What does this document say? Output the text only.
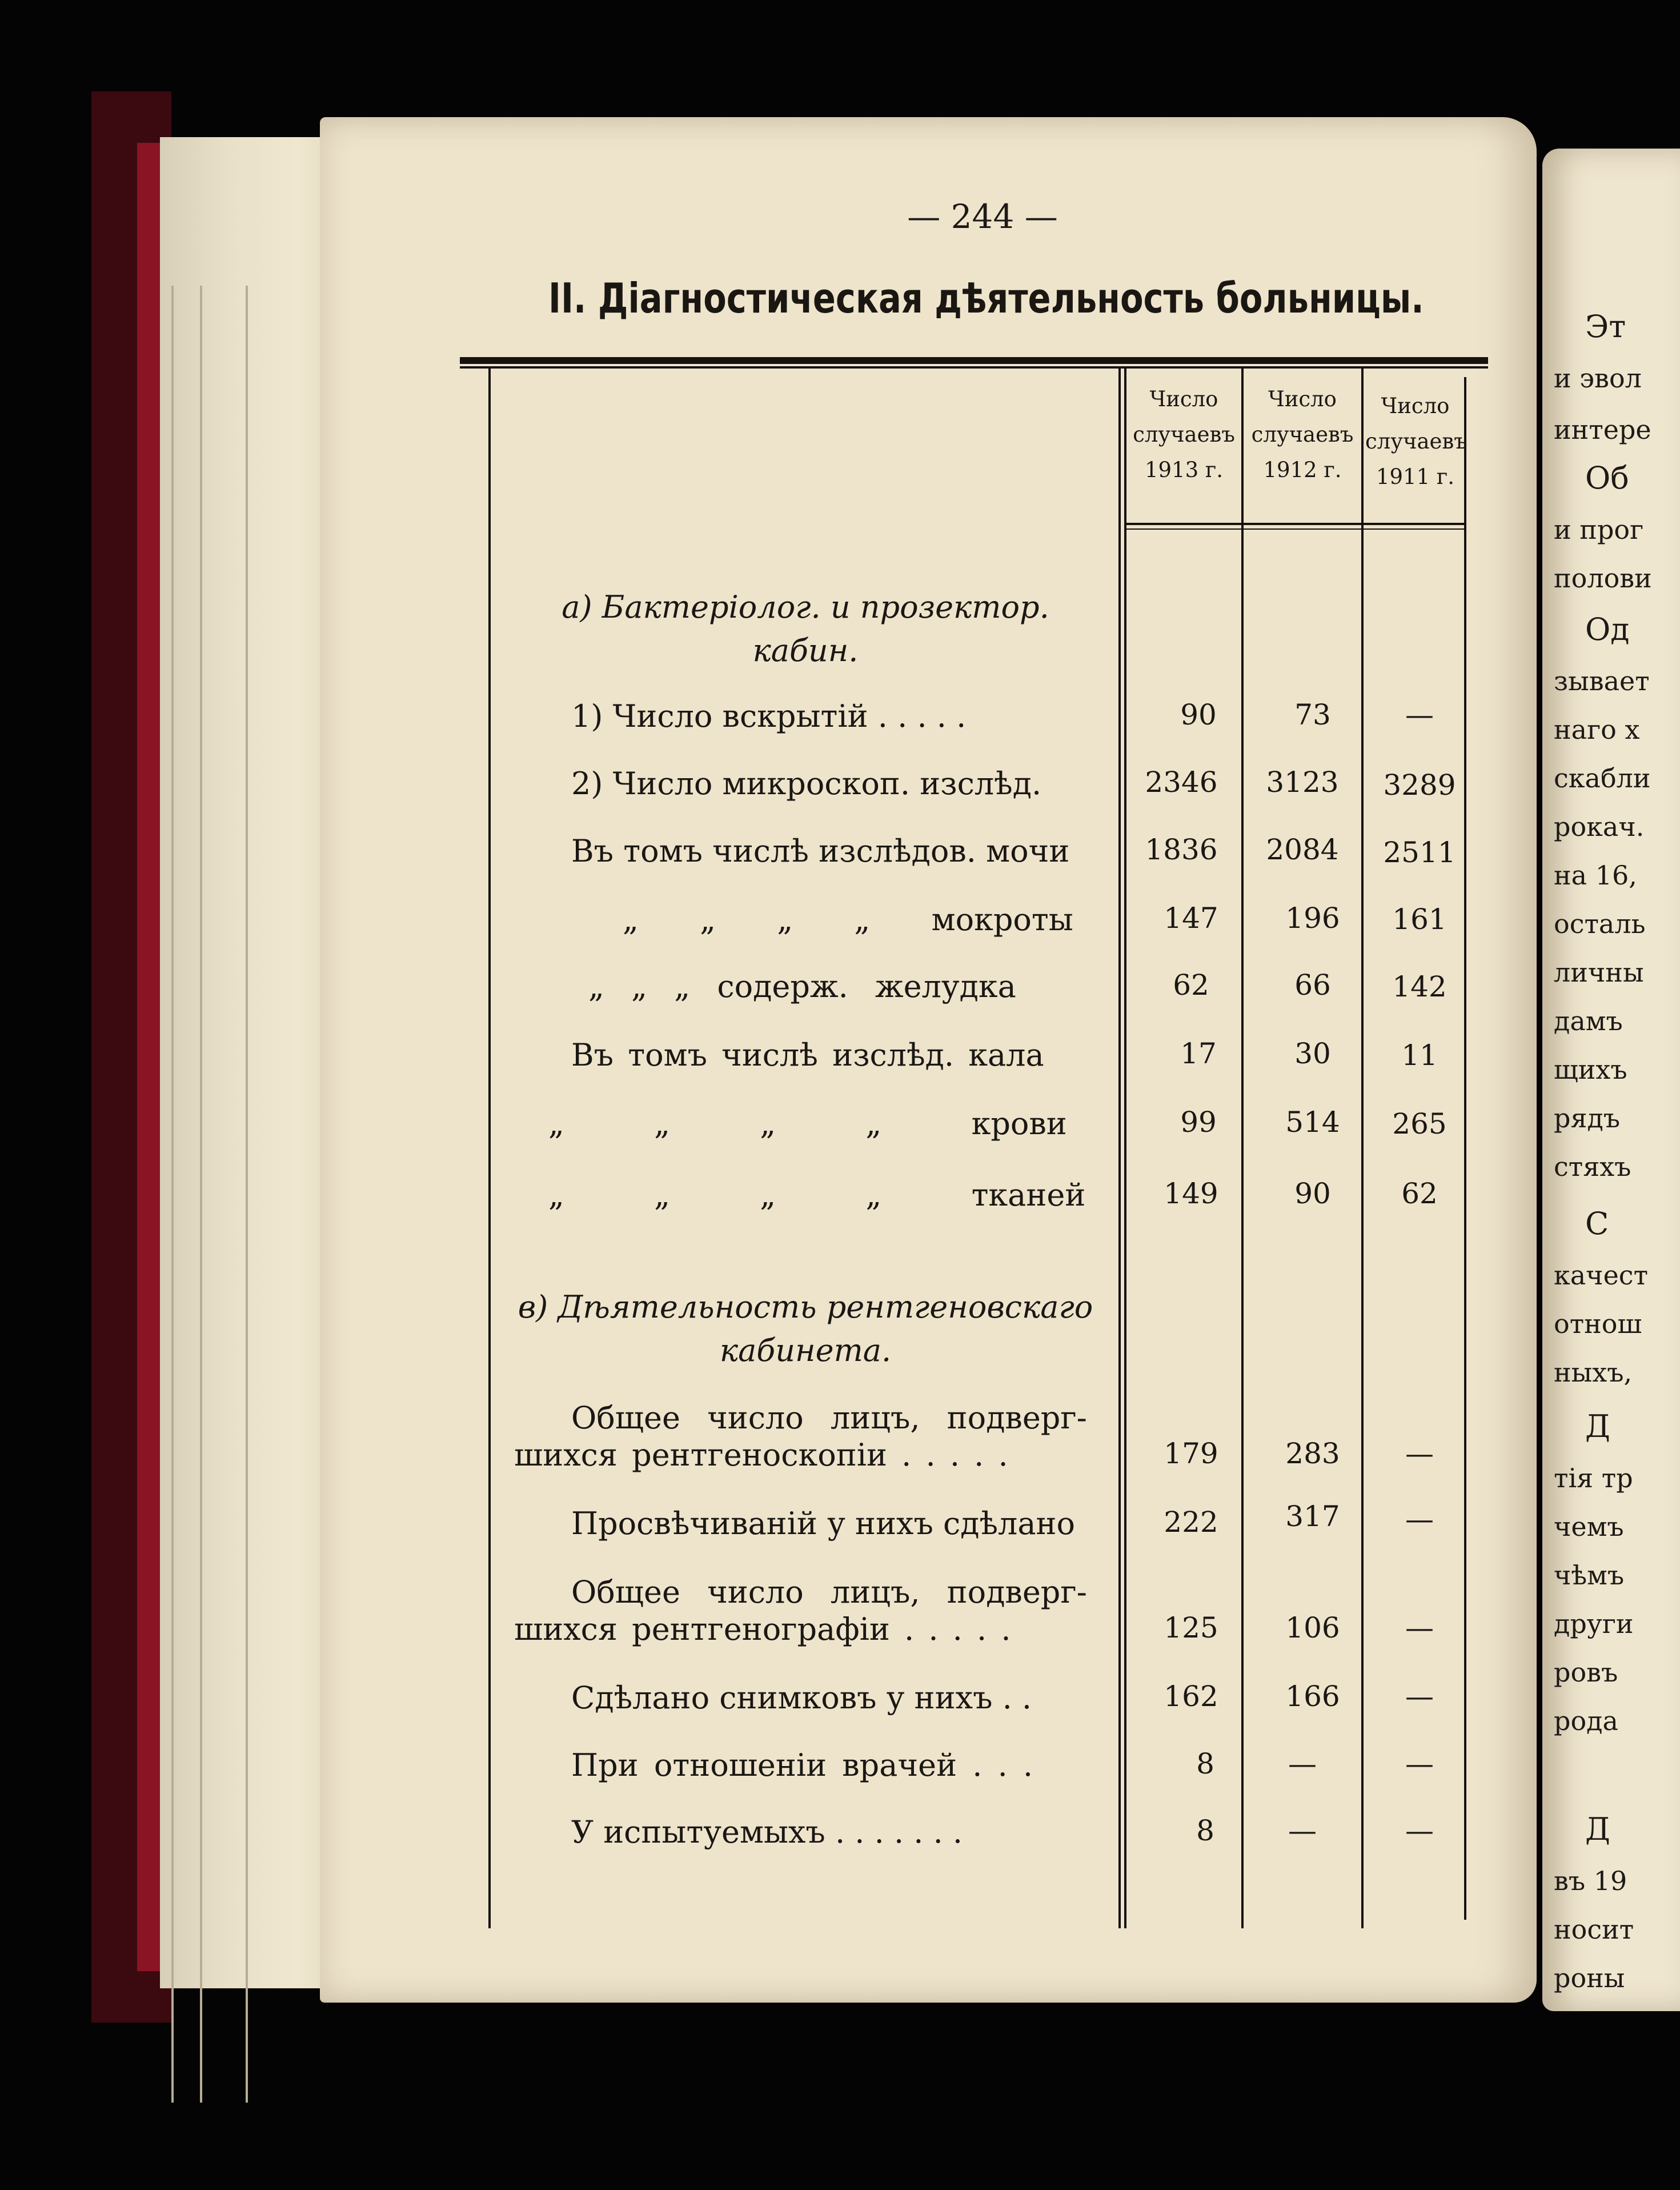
Эт
и эвол
интере
Об
и прог
полови
Од
зывает
наго х
скабли
рокач.
на 16,
осталь
личны
дамъ
щихъ
рядъ
стяхъ
С
качест
отнош
ныхъ,
Д
тія тр
чемъ
чѣмъ
други
ровъ
рода
Д
въ 19
носит
роны
— 244 —
II. Діагностическая дѣятельность больницы.
Число
случаевъ
1913 г.
Число
случаевъ
1912 г.
Число
случаевъ
1911 г.
а) Бактеріолог. и прозектор.
кабин.
1) Число вскрытій . . . . .	90	73	—
2) Число микроскоп. изслѣд.	2346	3123	3289
Въ томъ числѣ изслѣдов. мочи	1836	2084	2511
„ „ „ „ мокроты	147	196	161
„ „ „ содерж. желудка	62	66	142
Въ томъ числѣ изслѣд. кала	17	30	11
„ „ „ „ крови	99	514	265
„ „ „ „ тканей	149	90	62
в) Дѣятельность рентгеновскаго
кабинета.
Общее число лицъ, подверг-
шихся рентгеноскопіи . . . . .	179	283	—
Просвѣчиваній у нихъ сдѣлано	222	317	—
Общее число лицъ, подверг-
шихся рентгенографіи . . . . .	125	106	—
Сдѣлано снимковъ у нихъ . .	162	166	—
При отношеніи врачей . . .	8	—	—
У испытуемыхъ . . . . . . .	8	—	—
